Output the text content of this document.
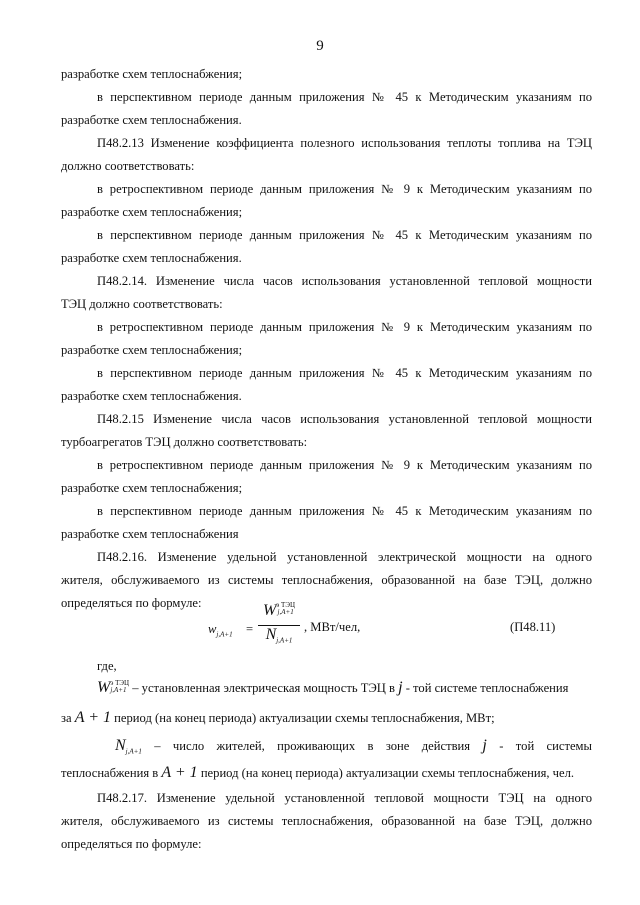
9
разработке схем теплоснабжения;
в перспективном периоде данным приложения № 45 к Методическим указаниям по
разработке схем теплоснабжения.
П48.2.13 Изменение коэффициента полезного использования теплоты топлива на ТЭЦ
должно соответствовать:
в ретроспективном периоде данным приложения № 9 к Методическим указаниям по
разработке схем теплоснабжения;
в перспективном периоде данным приложения № 45 к Методическим указаниям по
разработке схем теплоснабжения.
П48.2.14. Изменение числа часов использования установленной тепловой мощности
ТЭЦ должно соответствовать:
в ретроспективном периоде данным приложения № 9 к Методическим указаниям по
разработке схем теплоснабжения;
в перспективном периоде данным приложения № 45 к Методическим указаниям по
разработке схем теплоснабжения.
П48.2.15 Изменение числа часов использования установленной тепловой мощности
турбоагрегатов ТЭЦ должно соответствовать:
в ретроспективном периоде данным приложения № 9 к Методическим указаниям по
разработке схем теплоснабжения;
в перспективном периоде данным приложения № 45 к Методическим указаниям по
разработке схем теплоснабжения
П48.2.16. Изменение удельной установленной электрической мощности на одного
жителя, обслуживаемого из системы теплоснабжения, образованной на базе ТЭЦ, должно
определяться по формуле:
$w_{j,A+1}$ =
W э ТЭЦ
j,A+1
$N_{j,A+1}$
, МВт/чел,	(П48.11)
где,
W э ТЭЦ
j,A+1 – установленная электрическая мощность ТЭЦ в j - той системе теплоснабжения
за A + 1 период (на конец периода) актуализации схемы теплоснабжения, МВт;
$N_{j,A+1}$ – число жителей, проживающих в зоне действия j - той системы
теплоснабжения в A + 1 период (на конец периода) актуализации схемы теплоснабжения, чел.
П48.2.17. Изменение удельной установленной тепловой мощности ТЭЦ на одного
жителя, обслуживаемого из системы теплоснабжения, образованной на базе ТЭЦ, должно
определяться по формуле:
